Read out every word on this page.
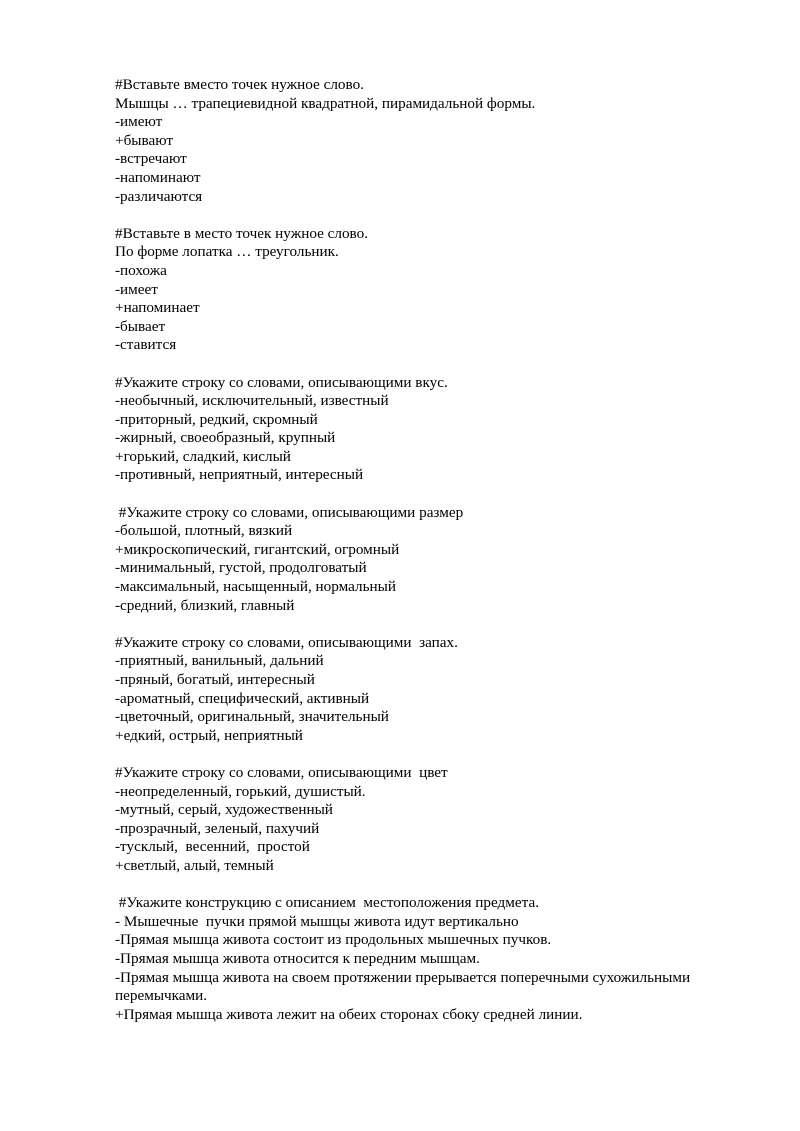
#Вставьте вместо точек нужное слово.
Мышцы … трапециевидной квадратной, пирамидальной формы.
-имеют
+бывают
-встречают
-напоминают
-различаются
#Вставьте в место точек нужное слово.
По форме лопатка … треугольник.
-похожа
-имеет
+напоминает
-бывает
-ставится
#Укажите строку со словами, описывающими вкус.
-необычный, исключительный, известный
-приторный, редкий, скромный
-жирный, своеобразный, крупный
+горький, сладкий, кислый
-противный, неприятный, интересный
#Укажите строку со словами, описывающими размер
-большой, плотный, вязкий
+микроскопический, гигантский, огромный
-минимальный, густой, продолговатый
-максимальный, насыщенный, нормальный
-средний, близкий, главный
#Укажите строку со словами, описывающими  запах.
-приятный, ванильный, дальний
-пряный, богатый, интересный
-ароматный, специфический, активный
-цветочный, оригинальный, значительный
+едкий, острый, неприятный
#Укажите строку со словами, описывающими  цвет
-неопределенный, горький, душистый.
-мутный, серый, художественный
-прозрачный, зеленый, пахучий
-тусклый,  весенний,  простой
+светлый, алый, темный
#Укажите конструкцию с описанием  местоположения предмета.
- Мышечные  пучки прямой мышцы живота идут вертикально
-Прямая мышца живота состоит из продольных мышечных пучков.
-Прямая мышца живота относится к передним мышцам.
-Прямая мышца живота на своем протяжении прерывается поперечными сухожильными перемычками.
+Прямая мышца живота лежит на обеих сторонах сбоку средней линии.
